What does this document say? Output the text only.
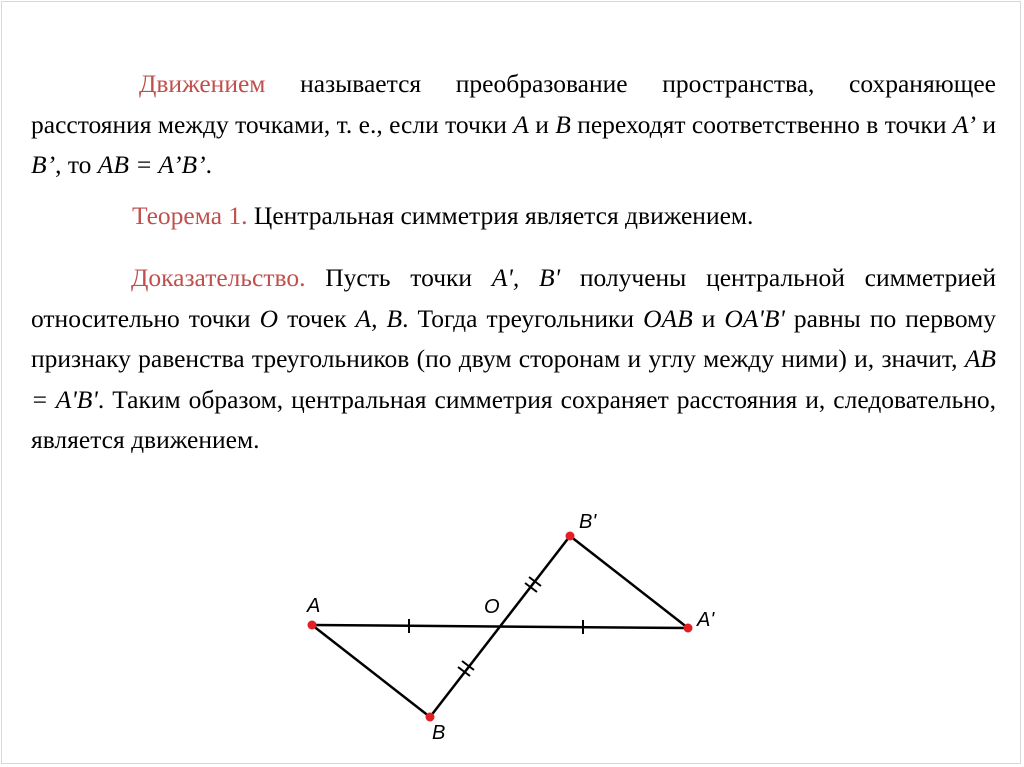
Движением называется преобразование пространства, сохраняющее расстояния между точками, т. е., если точки A и B переходят соответственно в точки A’ и B’, то AB = A’B’.

Теорема 1. Центральная симметрия является движением.

Доказательство. Пусть точки A', B' получены центральной симметрией относительно точки O точек A, B. Тогда треугольники OAB и OA'B' равны по первому признаку равенства треугольников (по двум сторонам и углу между ними) и, значит, AB = A'B'. Таким образом, центральная симметрия сохраняет расстояния и, следовательно, является движением.

A	O
A'
B
B'
